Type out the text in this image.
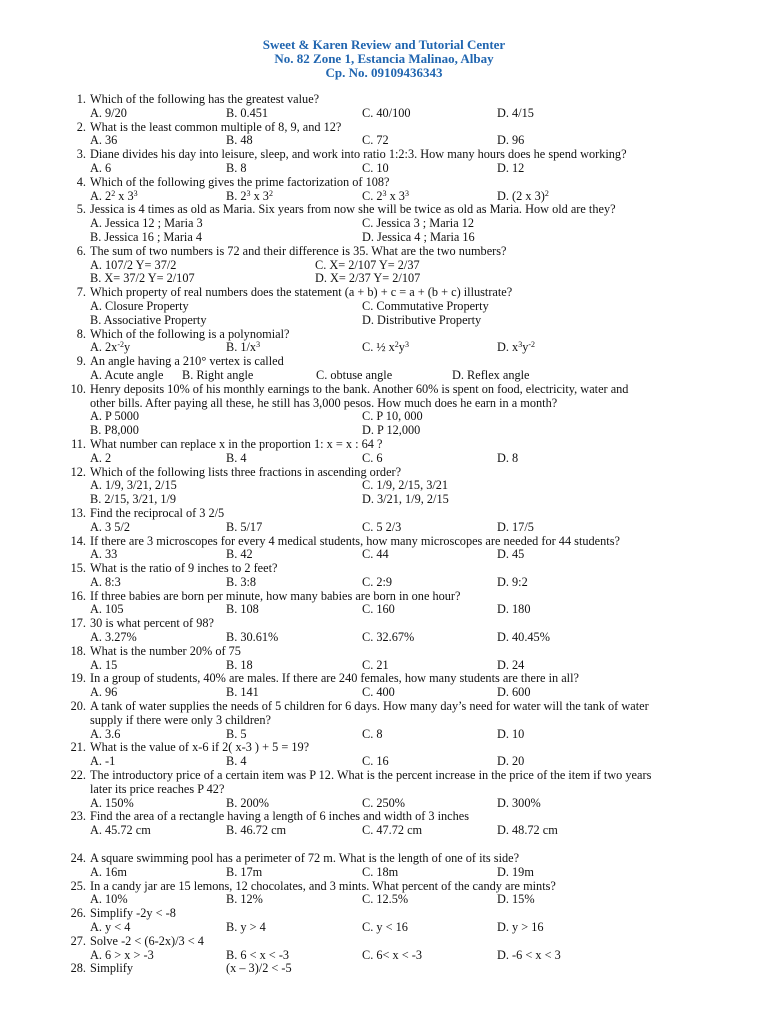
Sweet & Karen Review and Tutorial Center
No. 82 Zone 1, Estancia Malinao, Albay
Cp. No. 09109436343
1. Which of the following has the greatest value?
A. 9/20	B. 0.451	C. 40/100	D. 4/15
2. What is the least common multiple of 8, 9, and 12?
A. 36	B. 48	C. 72	D. 96
3. Diane divides his day into leisure, sleep, and work into ratio 1:2:3. How many hours does he spend working?
A. 6	B. 8	C. 10	D. 12
4. Which of the following gives the prime factorization of 108?
A. $2^2$ x $3^3$	B. $2^3$ x $3^2$	C. $2^3$ x $3^3$	D. (2 x 3)$^2$
5. Jessica is 4 times as old as Maria. Six years from now she will be twice as old as Maria. How old are they?
A. Jessica 12 ; Maria 3	C. Jessica 3 ; Maria 12
B. Jessica 16 ; Maria 4	D. Jessica 4 ; Maria 16
6. The sum of two numbers is 72 and their difference is 35. What are the two numbers?
A. 107/2 Y= 37/2	C. X= 2/107 Y= 2/37
B. X= 37/2 Y= 2/107	D. X= 2/37 Y= 2/107
7. Which property of real numbers does the statement (a + b) + c = a + (b + c) illustrate?
A. Closure Property	C. Commutative Property
B. Associative Property	D. Distributive Property
8. Which of the following is a polynomial?
A. $2x^{-2}y$	B. $1/x^3$	C. ½ $x^2y^3$	D. $x^3y^{-2}$
9. An angle having a 210° vertex is called
A. Acute angle B. Right angle	C. obtuse angle	D. Reflex angle
10. Henry deposits 10% of his monthly earnings to the bank. Another 60% is spent on food, electricity, water and
other bills. After paying all these, he still has 3,000 pesos. How much does he earn in a month?
A. P 5000	C. P 10, 000
B. P8,000	D. P 12,000
11. What number can replace x in the proportion 1: x = x : 64 ?
A. 2	B. 4	C. 6	D. 8
12. Which of the following lists three fractions in ascending order?
A. 1/9, 3/21, 2/15	C. 1/9, 2/15, 3/21
B. 2/15, 3/21, 1/9	D. 3/21, 1/9, 2/15
13. Find the reciprocal of 3 2/5
A. 3 5/2	B. 5/17	C. 5 2/3	D. 17/5
14. If there are 3 microscopes for every 4 medical students, how many microscopes are needed for 44 students?
A. 33	B. 42	C. 44	D. 45
15. What is the ratio of 9 inches to 2 feet?
A. 8:3	B. 3:8	C. 2:9	D. 9:2
16. If three babies are born per minute, how many babies are born in one hour?
A. 105	B. 108	C. 160	D. 180
17. 30 is what percent of 98?
A. 3.27%	B. 30.61%	C. 32.67%	D. 40.45%
18. What is the number 20% of 75
A. 15	B. 18	C. 21	D. 24
19. In a group of students, 40% are males. If there are 240 females, how many students are there in all?
A. 96	B. 141	C. 400	D. 600
20. A tank of water supplies the needs of 5 children for 6 days. How many day’s need for water will the tank of water
supply if there were only 3 children?
A. 3.6	B. 5	C. 8	D. 10
21. What is the value of x-6 if 2( x-3 ) + 5 = 19?
A. -1	B. 4	C. 16	D. 20
22. The introductory price of a certain item was P 12. What is the percent increase in the price of the item if two years
later its price reaches P 42?
A. 150%	B. 200%	C. 250%	D. 300%
23. Find the area of a rectangle having a length of 6 inches and width of 3 inches
A. 45.72 cm	B. 46.72 cm	C. 47.72 cm	D. 48.72 cm
24. A square swimming pool has a perimeter of 72 m. What is the length of one of its side?
A. 16m	B. 17m	C. 18m	D. 19m
25. In a candy jar are 15 lemons, 12 chocolates, and 3 mints. What percent of the candy are mints?
A. 10%	B. 12%	C. 12.5%	D. 15%
26. Simplify -2y < -8
A. y < 4	B. y > 4	C. y < 16	D. y > 16
27. Solve -2 < (6-2x)/3 < 4
A. 6 > x > -3	B. 6 < x < -3	C. 6< x < -3	D. -6 < x < 3
28. Simplify	(x – 3)/2 < -5
